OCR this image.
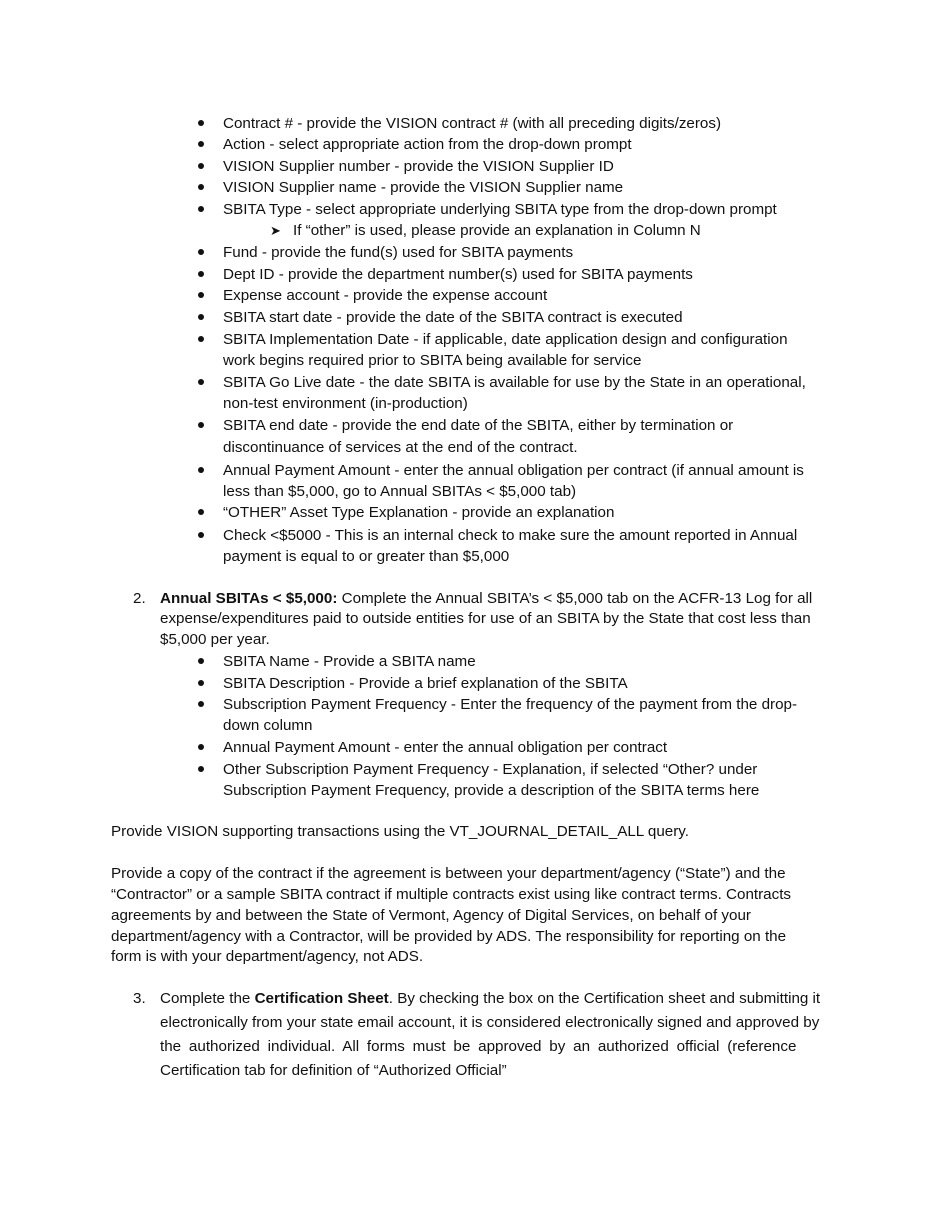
Contract # - provide the VISION contract # (with all preceding digits/zeros)
Action - select appropriate action from the drop-down prompt
VISION Supplier number - provide the VISION Supplier ID
VISION Supplier name - provide the VISION Supplier name
SBITA Type - select appropriate underlying SBITA type from the drop-down prompt
➤ If “other” is used, please provide an explanation in Column N
Fund - provide the fund(s) used for SBITA payments
Dept ID - provide the department number(s) used for SBITA payments
Expense account - provide the expense account
SBITA start date - provide the date of the SBITA contract is executed
SBITA Implementation Date - if applicable, date application design and configuration
work begins required prior to SBITA being available for service
SBITA Go Live date - the date SBITA is available for use by the State in an operational,
non-test environment (in-production)
SBITA end date - provide the end date of the SBITA, either by termination or
discontinuance of services at the end of the contract.
Annual Payment Amount - enter the annual obligation per contract (if annual amount is
less than $5,000, go to Annual SBITAs < $5,000 tab)
“OTHER” Asset Type Explanation - provide an explanation
Check <$5000 - This is an internal check to make sure the amount reported in Annual
payment is equal to or greater than $5,000
2. Annual SBITAs < $5,000: Complete the Annual SBITA’s < $5,000 tab on the ACFR-13 Log for all
expense/expenditures paid to outside entities for use of an SBITA by the State that cost less than
$5,000 per year.
SBITA Name - Provide a SBITA name
SBITA Description - Provide a brief explanation of the SBITA
Subscription Payment Frequency - Enter the frequency of the payment from the drop-
down column
Annual Payment Amount - enter the annual obligation per contract
Other Subscription Payment Frequency - Explanation, if selected “Other? under
Subscription Payment Frequency, provide a description of the SBITA terms here
Provide VISION supporting transactions using the VT_JOURNAL_DETAIL_ALL query.
Provide a copy of the contract if the agreement is between your department/agency (“State”) and the
“Contractor” or a sample SBITA contract if multiple contracts exist using like contract terms. Contracts
agreements by and between the State of Vermont, Agency of Digital Services, on behalf of your
department/agency with a Contractor, will be provided by ADS. The responsibility for reporting on the
form is with your department/agency, not ADS.
3. Complete the Certification Sheet. By checking the box on the Certification sheet and submitting it
electronically from your state email account, it is considered electronically signed and approved by
the authorized individual. All forms must be approved by an authorized official (reference
Certification tab for definition of “Authorized Official”
